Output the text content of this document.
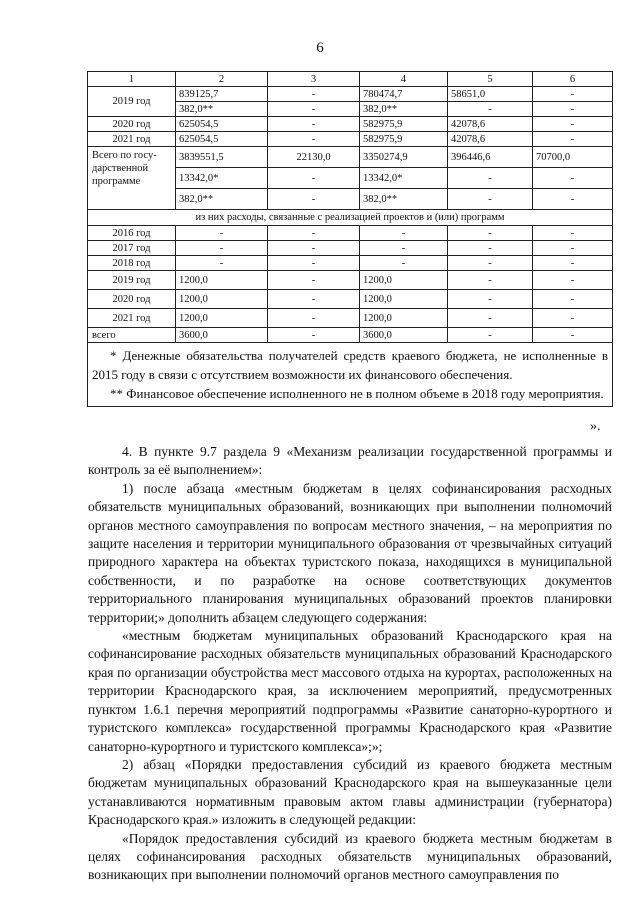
6
1	2	3	4	5	6
2019 год	839125,7	-	780474,7	58651,0	-
	382,0**	-	382,0**	-	-
2020 год	625054,5	-	582975,9	42078,6	-
2021 год	625054,5	-	582975,9	42078,6	-
Всего по госу-дарственной программе	3839551,5	22130,0	3350274,9	396446,6	70700,0
	13342,0*	-	13342,0*	-	-
	382,0**	-	382,0**	-	-
из них расходы, связанные с реализацией проектов и (или) программ					
2016 год	-	-	-	-	-
2017 год	-	-	-	-	-
2018 год	-	-	-	-	-
2019 год	1200,0	-	1200,0	-	-
2020 год	1200,0	-	1200,0	-	-
2021 год	1200,0	-	1200,0	-	-
всего	3600,0	-	3600,0	-	-

* Денежные обязательства получателей средств краевого бюджета, не исполненные в 2015 году в связи с отсутствием возможности их финансового обеспечения.

** Финансовое обеспечение исполненного не в полном объеме в 2018 году мероприятия.					

».

4. В пункте 9.7 раздела 9 «Механизм реализации государственной программы и контроль за её выполнением»:

1) после абзаца «местным бюджетам в целях софинансирования расходных обязательств муниципальных образований, возникающих при выполнении полномочий органов местного самоуправления по вопросам местного значения, – на мероприятия по защите населения и территории муниципального образования от чрезвычайных ситуаций природного характера на объектах туристского показа, находящихся в муниципальной собственности, и по разработке на основе соответствующих документов территориального планирования муниципальных образований проектов планировки территории;» дополнить абзацем следующего содержания:

«местным бюджетам муниципальных образований Краснодарского края на софинансирование расходных обязательств муниципальных образований Краснодарского края по организации обустройства мест массового отдыха на курортах, расположенных на территории Краснодарского края, за исключением мероприятий, предусмотренных пунктом 1.6.1 перечня мероприятий подпрограммы «Развитие санаторно-курортного и туристского комплекса» государственной программы Краснодарского края «Развитие санаторно-курортного и туристского комплекса»;»;

2) абзац «Порядки предоставления субсидий из краевого бюджета местным бюджетам муниципальных образований Краснодарского края на вышеуказанные цели устанавливаются нормативным правовым актом главы администрации (губернатора) Краснодарского края.» изложить в следующей редакции:

«Порядок предоставления субсидий из краевого бюджета местным бюджетам в целях софинансирования расходных обязательств муниципальных образований, возникающих при выполнении полномочий органов местного самоуправления по
